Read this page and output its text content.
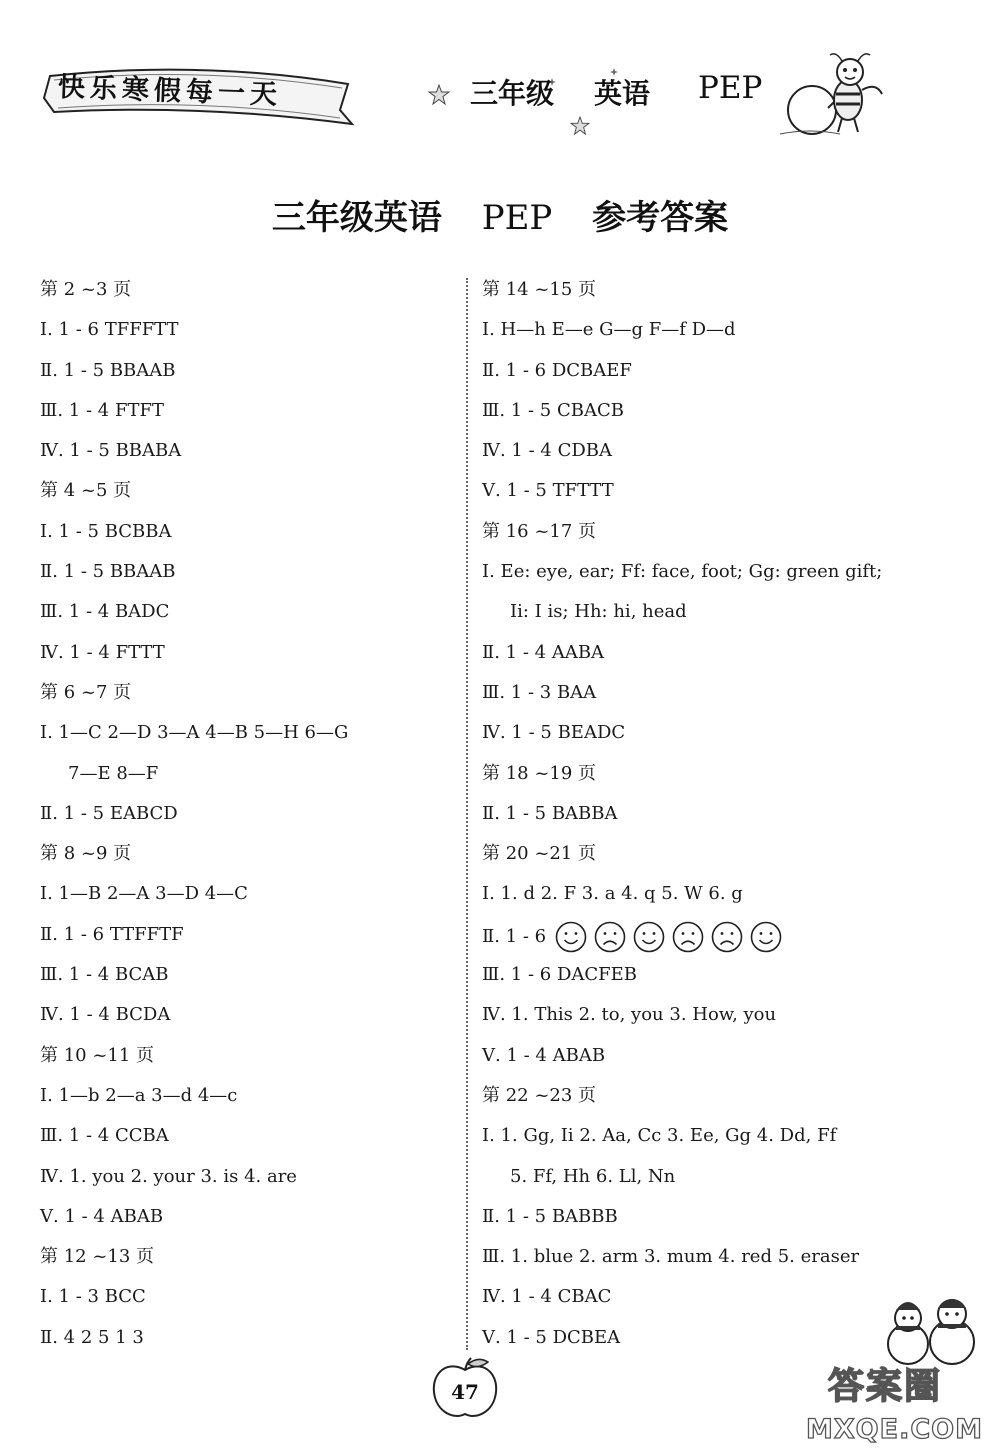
快乐寒假每一天	三年级 英语 PEP
三年级英语 PEP 参考答案
第 2 ~3 页
Ⅰ. 1 - 6 TFFFTT
Ⅱ. 1 - 5 BBAAB
Ⅲ. 1 - 4 FTFT
Ⅳ. 1 - 5 BBABA
第 4 ~5 页
Ⅰ. 1 - 5 BCBBA
Ⅱ. 1 - 5 BBAAB
Ⅲ. 1 - 4 BADC
Ⅳ. 1 - 4 FTTT
第 6 ~7 页
Ⅰ. 1—C 2—D 3—A 4—B 5—H 6—G
7—E 8—F
Ⅱ. 1 - 5 EABCD
第 8 ~9 页
Ⅰ. 1—B 2—A 3—D 4—C
Ⅱ. 1 - 6 TTFFTF
Ⅲ. 1 - 4 BCAB
Ⅳ. 1 - 4 BCDA
第 10 ~11 页
Ⅰ. 1—b 2—a 3—d 4—c
Ⅲ. 1 - 4 CCBA
Ⅳ. 1. you 2. your 3. is 4. are
Ⅴ. 1 - 4 ABAB
第 12 ~13 页
Ⅰ. 1 - 3 BCC
Ⅱ. 4 2 5 1 3
第 14 ~15 页
Ⅰ. H—h E—e G—g F—f D—d
Ⅱ. 1 - 6 DCBAEF
Ⅲ. 1 - 5 CBACB
Ⅳ. 1 - 4 CDBA
Ⅴ. 1 - 5 TFTTT
第 16 ~17 页
Ⅰ. Ee: eye, ear; Ff: face, foot; Gg: green gift;
Ii: I is; Hh: hi, head
Ⅱ. 1 - 4 AABA
Ⅲ. 1 - 3 BAA
Ⅳ. 1 - 5 BEADC
第 18 ~19 页
Ⅱ. 1 - 5 BABBA
第 20 ~21 页
Ⅰ. 1. d 2. F 3. a 4. q 5. W 6. g
Ⅱ. 1 - 6
Ⅲ. 1 - 6 DACFEB
Ⅳ. 1. This 2. to, you 3. How, you
Ⅴ. 1 - 4 ABAB
第 22 ~23 页
Ⅰ. 1. Gg, Ii 2. Aa, Cc 3. Ee, Gg 4. Dd, Ff
5. Ff, Hh 6. Ll, Nn
Ⅱ. 1 - 5 BABBB
Ⅲ. 1. blue 2. arm 3. mum 4. red 5. eraser
Ⅳ. 1 - 4 CBAC
Ⅴ. 1 - 5 DCBEA
47	答案圈
MXQE.COM
